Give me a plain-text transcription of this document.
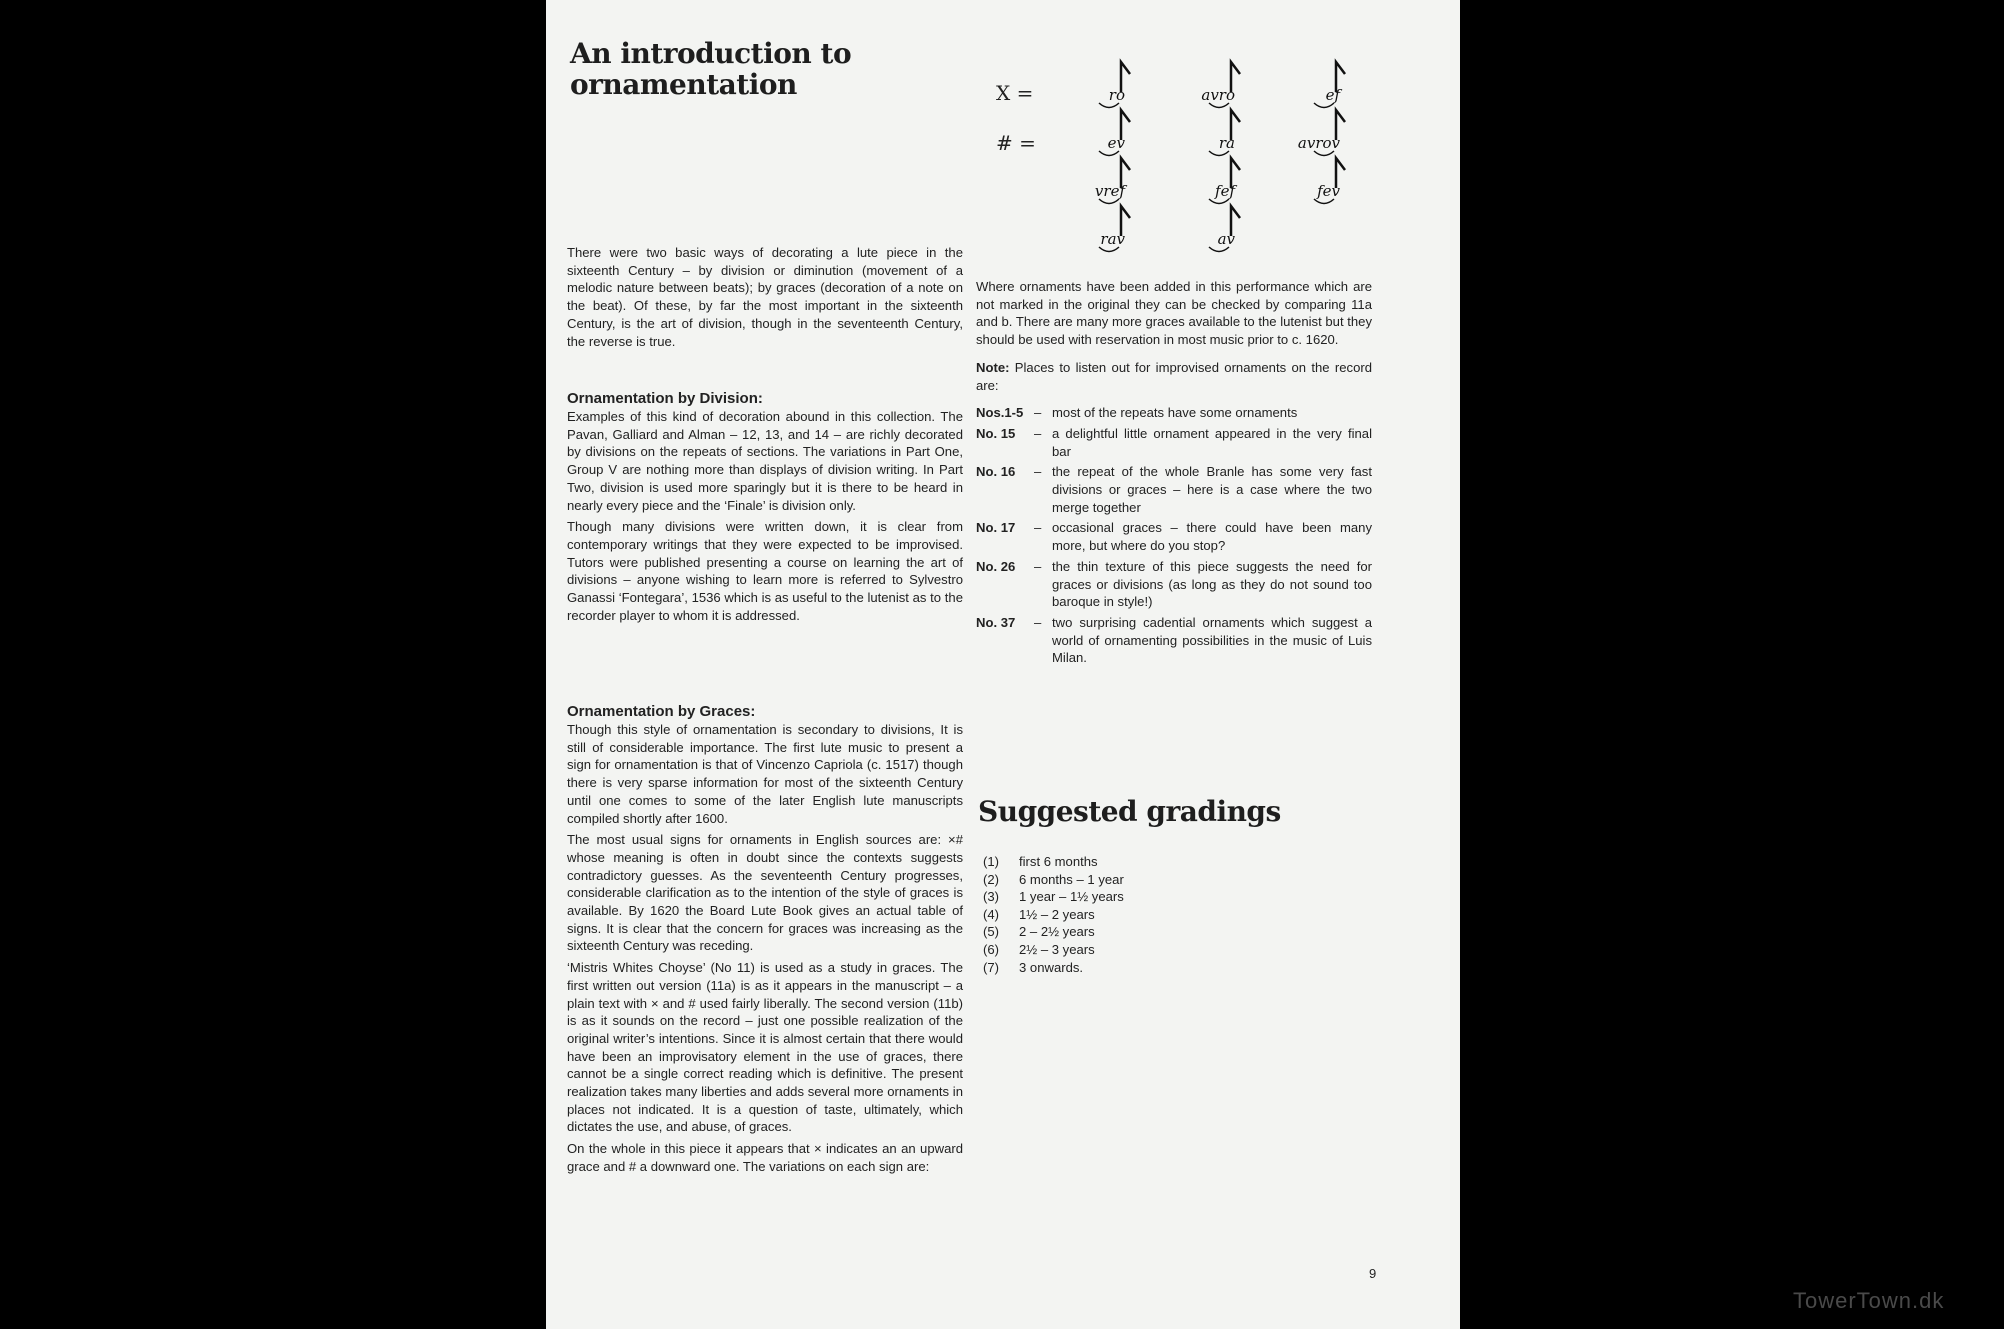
An introduction to ornamentation	X =
# =
ro	avro	ef
ev	ra	avrov
vref	fef	fev
rav	av
There were two basic ways of decorating a lute piece in the sixteenth Century – by division or diminution (movement of a melodic nature between beats); by graces (decoration of a note on the beat). Of these, by far the most important in the sixteenth Century, is the art of division, though in the seventeenth Century, the reverse is true.
Ornamentation by Division:

Examples of this kind of decoration abound in this collection. The Pavan, Galliard and Alman – 12, 13, and 14 – are richly decorated by divisions on the repeats of sections. The variations in Part One, Group V are nothing more than displays of division writing. In Part Two, division is used more sparingly but it is there to be heard in nearly every piece and the ‘Finale’ is division only.

Though many divisions were written down, it is clear from contemporary writings that they were expected to be improvised. Tutors were published presenting a course on learning the art of divisions – anyone wishing to learn more is referred to Sylvestro Ganassi ‘Fontegara’, 1536 which is as useful to the lutenist as to the recorder player to whom it is addressed.

Ornamentation by Graces:

Though this style of ornamentation is secondary to divisions, It is still of considerable importance. The first lute music to present a sign for ornamentation is that of Vincenzo Capriola (c. 1517) though there is very sparse information for most of the sixteenth Century until one comes to some of the later English lute manuscripts compiled shortly after 1600.

The most usual signs for ornaments in English sources are: ×# whose meaning is often in doubt since the contexts suggests contradictory guesses. As the seventeenth Century progresses, considerable clarification as to the intention of the style of graces is available. By 1620 the Board Lute Book gives an actual table of signs. It is clear that the concern for graces was increasing as the sixteenth Century was receding.

‘Mistris Whites Choyse’ (No 11) is used as a study in graces. The first written out version (11a) is as it appears in the manuscript – a plain text with × and # used fairly liberally. The second version (11b) is as it sounds on the record – just one possible realization of the original writer’s intentions. Since it is almost certain that there would have been an improvisatory element in the use of graces, there cannot be a single correct reading which is definitive. The present realization takes many liberties and adds several more ornaments in places not indicated. It is a question of taste, ultimately, which dictates the use, and abuse, of graces.

On the whole in this piece it appears that × indicates an an upward grace and # a downward one. The variations on each sign are:

Where ornaments have been added in this performance which are not marked in the original they can be checked by comparing 11a and b. There are many more graces available to the lutenist but they should be used with reservation in most music prior to c. 1620.

Note: Places to listen out for improvised ornaments on the record are:

Nos.1-5 – most of the repeats have some ornaments
No. 15	– a delightful little ornament appeared in the very final bar
No. 16	– the repeat of the whole Branle has some very fast divisions or graces – here is a case where the two merge together
No. 17	– occasional graces – there could have been many more, but where do you stop?
No. 26	– the thin texture of this piece suggests the need for graces or divisions (as long as they do not sound too baroque in style!)
No. 37	– two surprising cadential ornaments which suggest a world of ornamenting possibilities in the music of Luis Milan.
Suggested gradings
(1)	first 6 months
(2)	6 months – 1 year
(3)	1 year – 1½ years
(4)	1½ – 2 years
(5)	2 – 2½ years
(6)	2½ – 3 years
(7)	3 onwards.
9
TowerTown.dk
